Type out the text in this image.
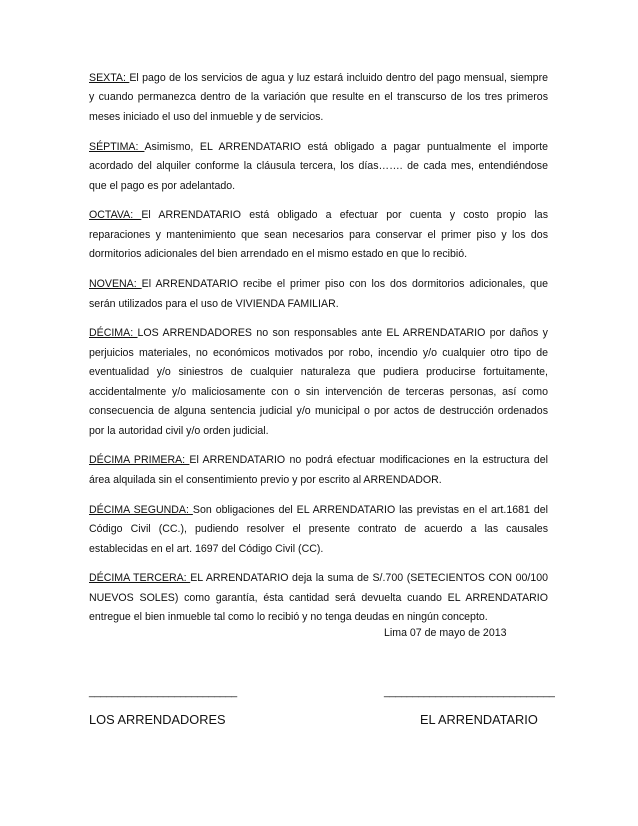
SEXTA: El pago de los servicios de agua y luz estará incluido dentro del pago mensual, siempre y cuando permanezca dentro de la variación que resulte en el transcurso de los tres primeros meses iniciado el uso del inmueble y de servicios.

SÉPTIMA: Asimismo, EL ARRENDATARIO está obligado a pagar puntualmente el importe acordado del alquiler conforme la cláusula tercera, los días……. de cada mes, entendiéndose que el pago es por adelantado.

OCTAVA: El ARRENDATARIO está obligado a efectuar por cuenta y costo propio las reparaciones y mantenimiento que sean necesarios para conservar el primer piso y los dos dormitorios adicionales del bien arrendado en el mismo estado en que lo recibió.

NOVENA: El ARRENDATARIO recibe el primer piso con los dos dormitorios adicionales, que serán utilizados para el uso de VIVIENDA FAMILIAR.

DÉCIMA: LOS ARRENDADORES no son responsables ante EL ARRENDATARIO por daños y perjuicios materiales, no económicos motivados por robo, incendio y/o cualquier otro tipo de eventualidad y/o siniestros de cualquier naturaleza que pudiera producirse fortuitamente, accidentalmente y/o maliciosamente con o sin intervención de terceras personas, así como consecuencia de alguna sentencia judicial y/o municipal o por actos de destrucción ordenados por la autoridad civil y/o orden judicial.

DÉCIMA PRIMERA: El ARRENDATARIO no podrá efectuar modificaciones en la estructura del área alquilada sin el consentimiento previo y por escrito al ARRENDADOR.

DÉCIMA SEGUNDA: Son obligaciones del EL ARRENDATARIO las previstas en el art.1681 del Código Civil (CC.), pudiendo resolver el presente contrato de acuerdo a las causales establecidas en el art. 1697 del Código Civil (CC).

DÉCIMA TERCERA: EL ARRENDATARIO deja la suma de S/.700 (SETECIENTOS CON 00/100 NUEVOS SOLES) como garantía, ésta cantidad será devuelta cuando EL ARRENDATARIO entregue el bien inmueble tal como lo recibió y no tenga deudas en ningún concepto.

Lima 07 de mayo de 2013
__________________________	______________________________
LOS ARRENDADORES	EL ARRENDATARIO
